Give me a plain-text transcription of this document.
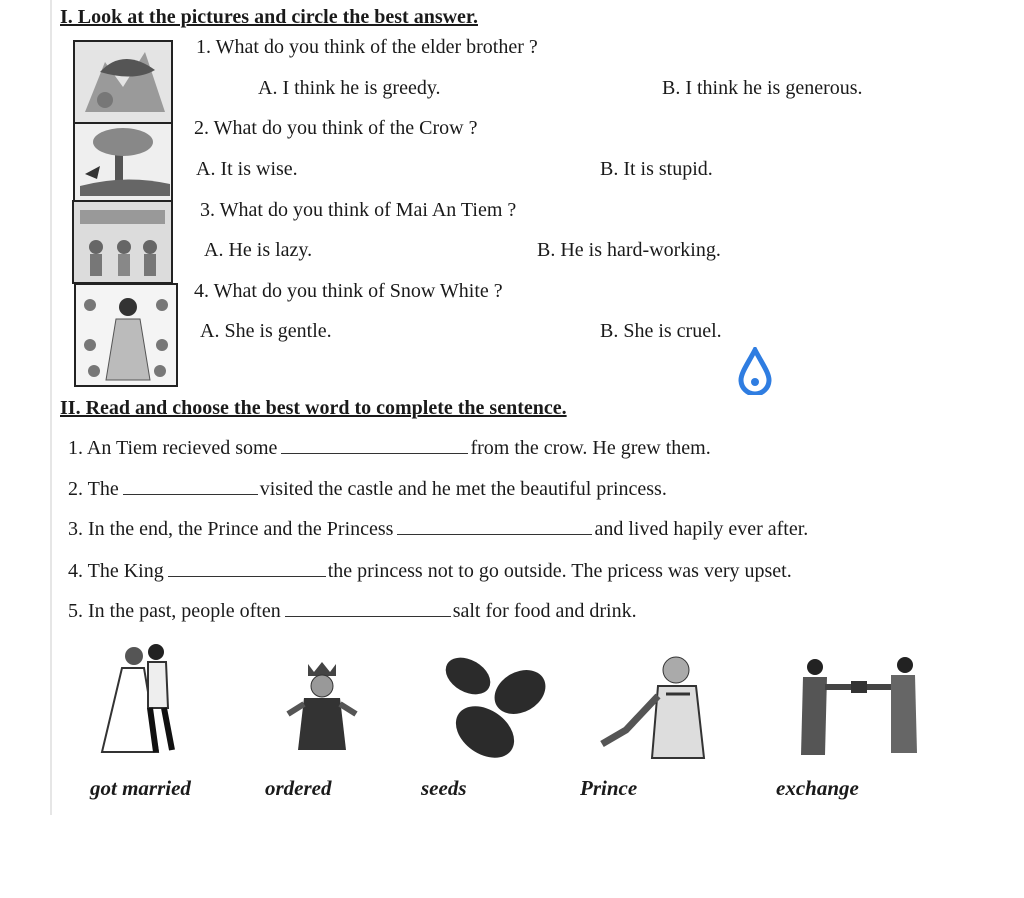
I. Look at the pictures and circle the best answer.
1. What do you think of the elder brother ?
A. I think he is greedy.	B. I think he is generous.
2. What do you think of the Crow ?
A. It is wise.	B. It is stupid.
3. What do you think of Mai An Tiem ?
A. He is lazy.	B. He is hard-working.
4. What do you think of Snow White ?
A. She is gentle.	B. She is cruel.
II. Read and choose the best word to complete the sentence.
1. An Tiem recieved some	from the crow. He grew them.
2. The	visited the castle and he met the beautiful princess.
3. In the end, the Prince and the Princess	and lived hapily ever after.
4. The King	the princess not to go outside. The pricess was very upset.
5. In the past, people often	salt for food and drink.
got married	ordered	seeds	Prince	exchange
